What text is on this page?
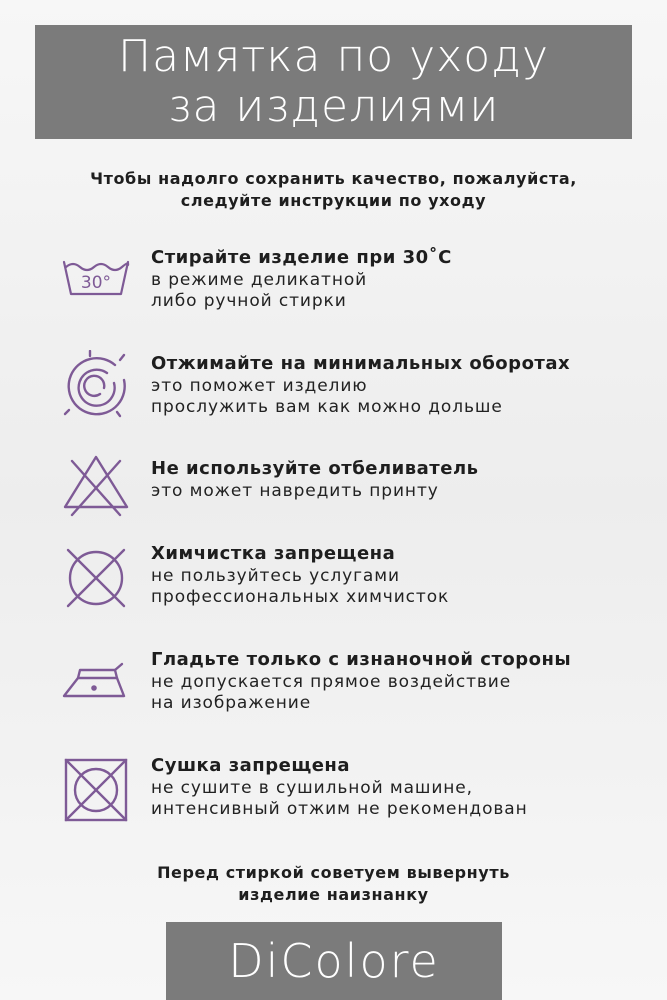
Памятка по уходу
за изделиями
Чтобы надолго сохранить качество, пожалуйста,
следуйте инструкции по уходу
30°
Стирайте изделие при 30˚С
в режиме деликатной
либо ручной стирки
Отжимайте на минимальных оборотах
это поможет изделию
прослужить вам как можно дольше
Не используйте отбеливатель
это может навредить принту
Химчистка запрещена
не пользуйтесь услугами
профессиональных химчисток
Гладьте только с изнаночной стороны
не допускается прямое воздействие
на изображение
Сушка запрещена
не сушите в сушильной машине,
интенсивный отжим не рекомендован
Перед стиркой советуем вывернуть
изделие наизнанку
DiColore
